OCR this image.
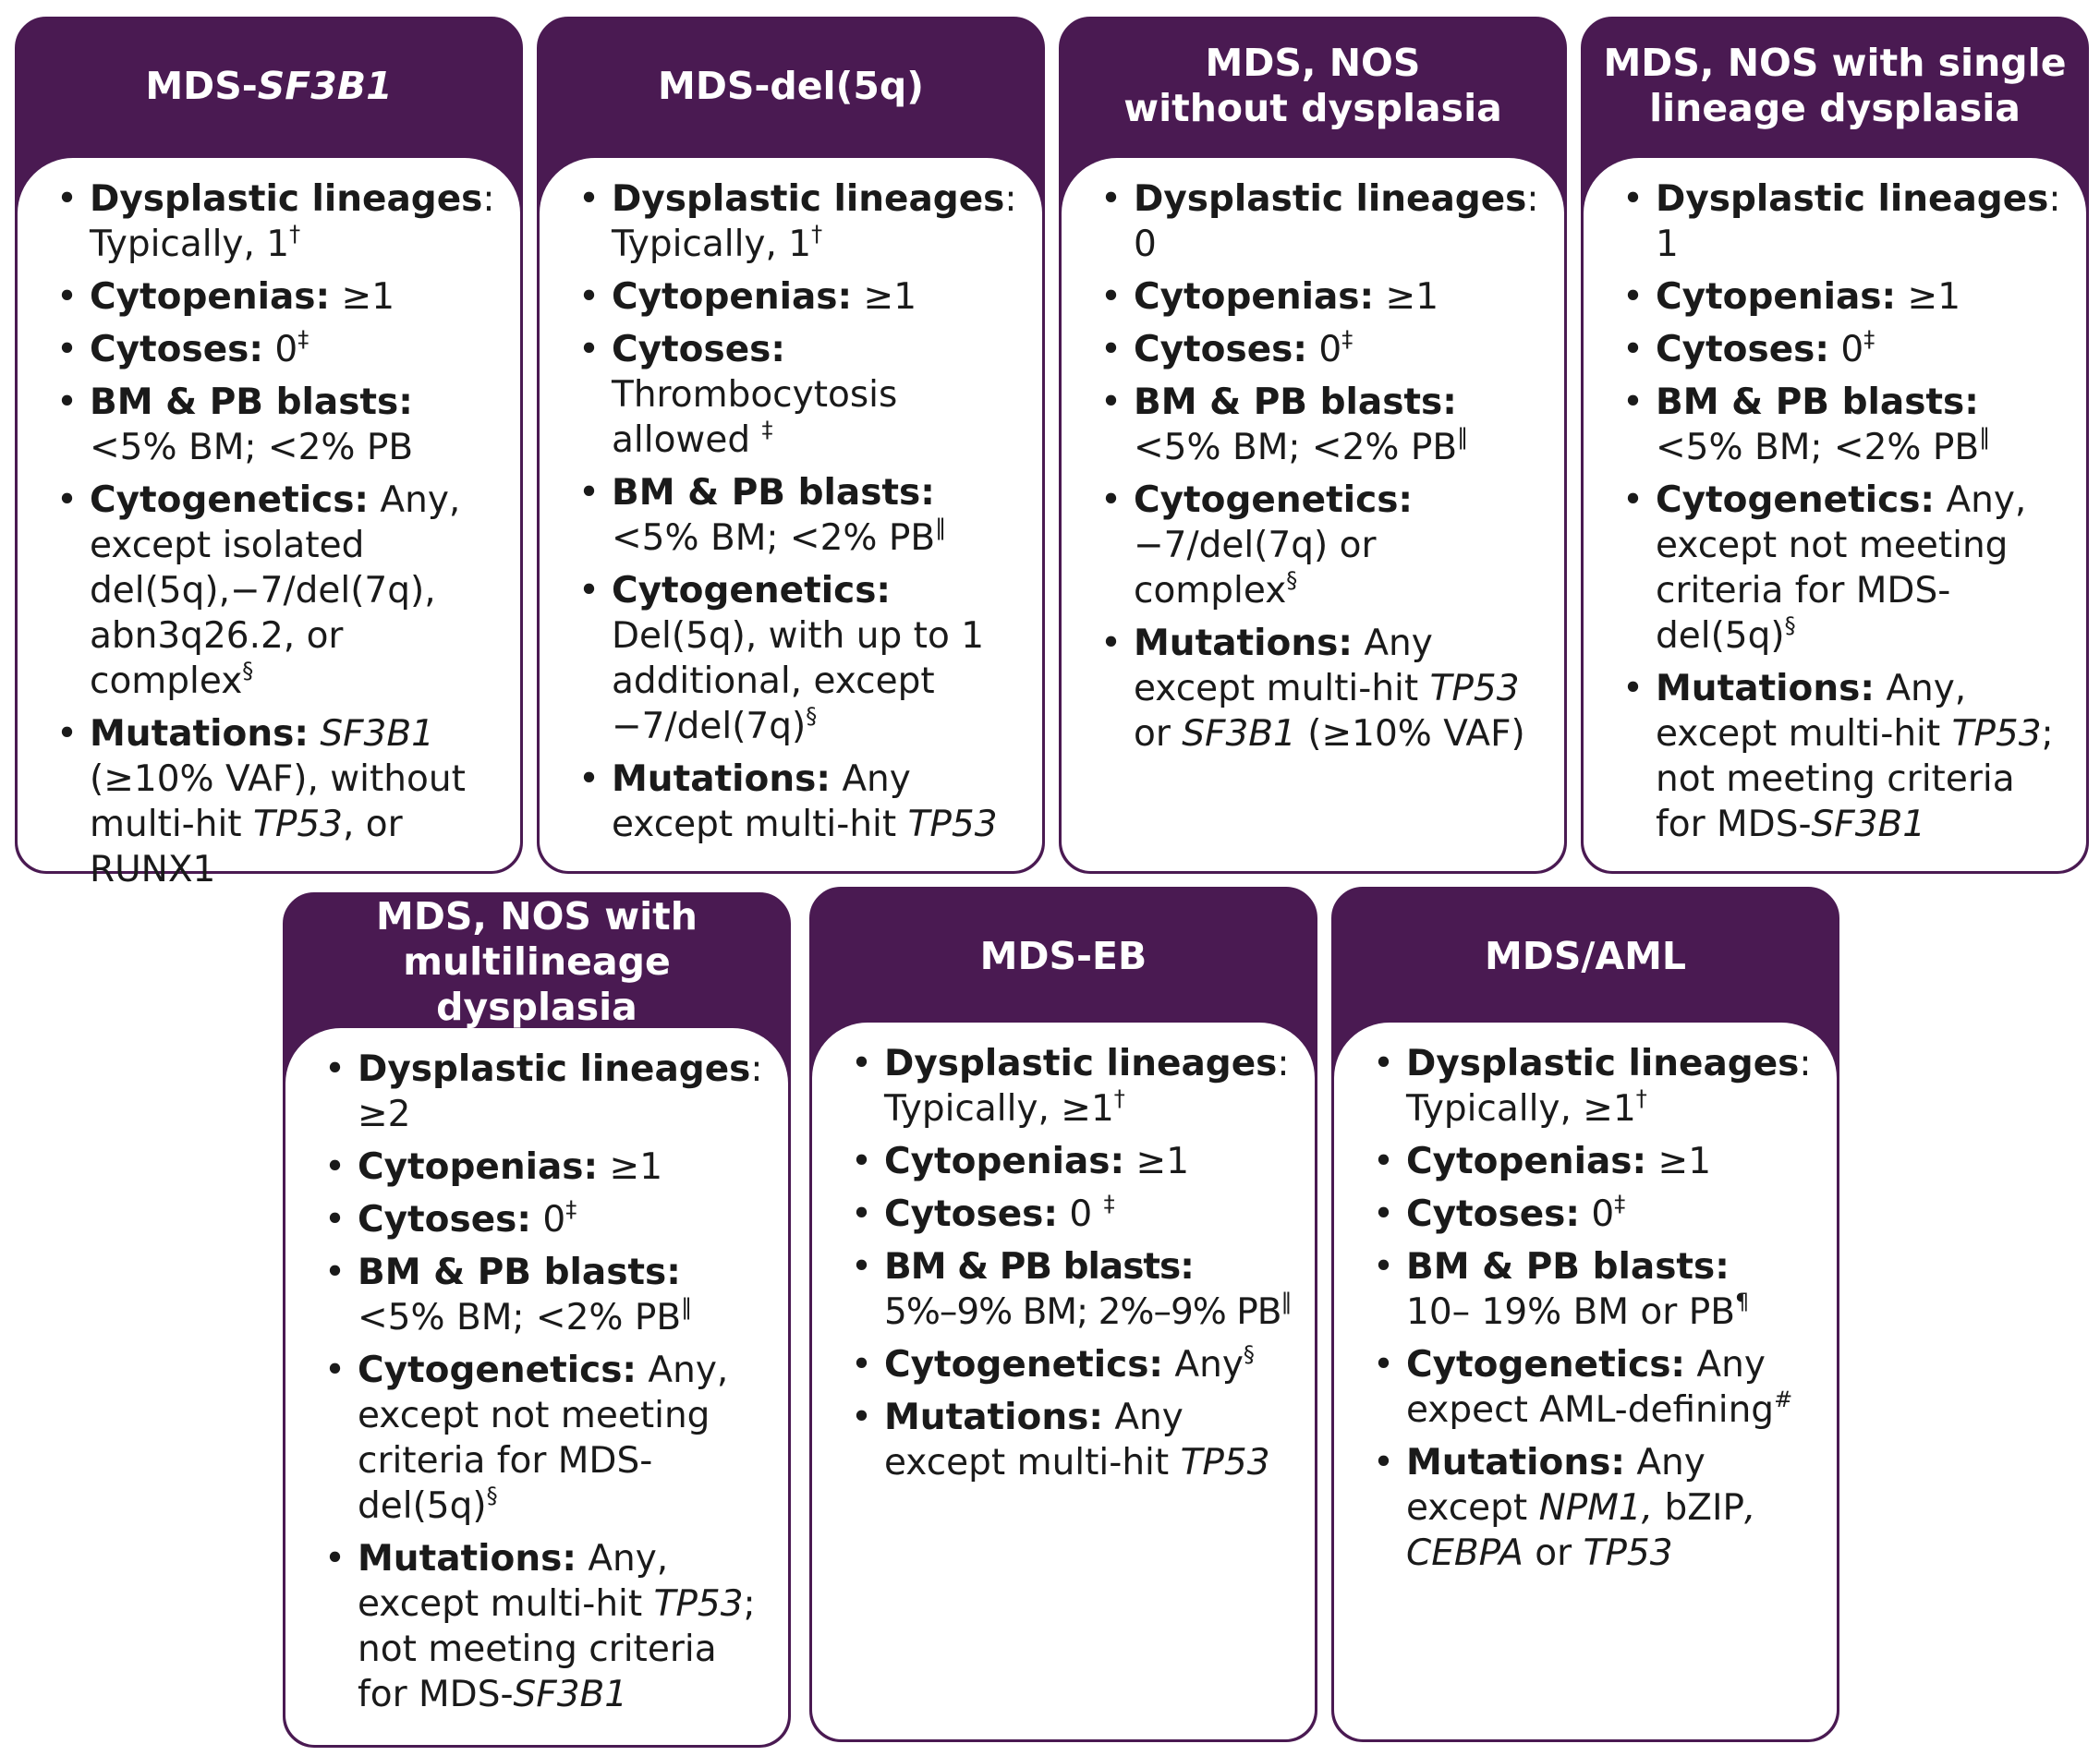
MDS-SF3B1
• Dysplastic lineages: Typically, 1†
• Cytopenias: ≥1
• Cytoses: 0‡
• BM & PB blasts:
<5% BM; <2% PB
• Cytogenetics: Any, except isolated del(5q),−7/del(7q), abn3q26.2, or complex§
• Mutations: SF3B1 (≥10% VAF), without multi-hit TP53, or RUNX1
MDS-del(5q)
• Dysplastic lineages: Typically, 1†
• Cytopenias: ≥1
• Cytoses:
Thrombocytosis allowed ‡
• BM & PB blasts:
<5% BM; <2% PB‖
• Cytogenetics: Del(5q), with up to 1 additional, except −7/del(7q)§
• Mutations: Any except multi-hit TP53
MDS, NOS
without dysplasia
• Dysplastic lineages: 0
• Cytopenias: ≥1
• Cytoses: 0‡
• BM & PB blasts:
<5% BM; <2% PB‖
• Cytogenetics:
−7/del(7q) or complex§
• Mutations: Any except multi-hit TP53 or SF3B1 (≥10% VAF)
MDS, NOS with single
lineage dysplasia
• Dysplastic lineages: 1
• Cytopenias: ≥1
• Cytoses: 0‡
• BM & PB blasts:
<5% BM; <2% PB‖
• Cytogenetics: Any, except not meeting criteria for MDS-del(5q)§
• Mutations: Any, except multi-hit TP53; not meeting criteria for MDS-SF3B1
MDS, NOS with
multilineage dysplasia
• Dysplastic lineages: ≥2
• Cytopenias: ≥1
• Cytoses: 0‡
• BM & PB blasts:
<5% BM; <2% PB‖
• Cytogenetics: Any, except not meeting criteria for MDS-del(5q)§
• Mutations: Any, except multi-hit TP53; not meeting criteria for MDS-SF3B1
MDS-EB
• Dysplastic lineages: Typically, ≥1†
• Cytopenias: ≥1
• Cytoses: 0 ‡
• BM & PB blasts:
5%–9% BM; 2%–9% PB‖
• Cytogenetics: Any§
• Mutations: Any except multi-hit TP53
MDS/AML
• Dysplastic lineages: Typically, ≥1†
• Cytopenias: ≥1
• Cytoses: 0‡
• BM & PB blasts:
10– 19% BM or PB¶
• Cytogenetics: Any expect AML-defining#
• Mutations: Any except NPM1, bZIP, CEBPA or TP53
